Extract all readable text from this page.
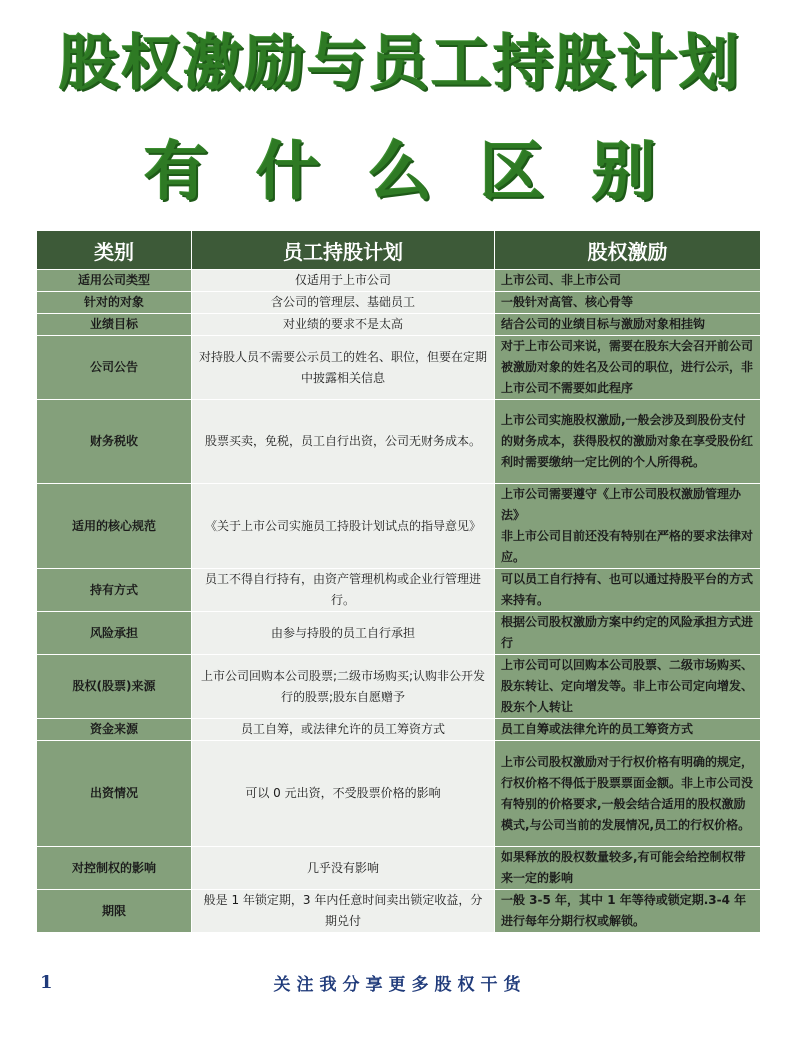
股权激励与员工持股计划
有什么区别
类别	员工持股计划	股权激励
适用公司类型	仅适用于上市公司	上市公司、非上市公司
针对的对象	含公司的管理层、基础员工	一般针对高管、核心骨等
业绩目标	对业绩的要求不是太高	结合公司的业绩目标与激励对象相挂钩
公司公告	对持股人员不需要公示员工的姓名、职位，但要在定期中披露相关信息	对于上市公司来说，需要在股东大会召开前公司被激励对象的姓名及公司的职位，进行公示，非上市公司不需要如此程序
财务税收	股票买卖，免税，员工自行出资，公司无财务成本。	上市公司实施股权激励,一般会涉及到股份支付的财务成本，获得股权的激励对象在享受股份红利时需要缴纳一定比例的个人所得税。
适用的核心规范	《关于上市公司实施员工持股计划试点的指导意见》	上市公司需要遵守《上市公司股权激励管理办法》
非上市公司目前还没有特别在严格的要求法律对应。
持有方式	员工不得自行持有，由资产管理机构或企业行管理进行。	可以员工自行持有、也可以通过持股平台的方式来持有。
风险承担	由参与持股的员工自行承担	根据公司股权激励方案中约定的风险承担方式进行
股权(股票)来源	上市公司回购本公司股票;二级市场购买;认购非公开发行的股票;股东自愿赠予	上市公司可以回购本公司股票、二级市场购买、股东转让、定向增发等。非上市公司定向增发、股东个人转让
资金来源	员工自筹，或法律允许的员工筹资方式	员工自筹或法律允许的员工筹资方式
出资情况	可以 0 元出资，不受股票价格的影响	上市公司股权激励对于行权价格有明确的规定，行权价格不得低于股票票面金额。非上市公司没有特别的价格要求,一般会结合适用的股权激励模式,与公司当前的发展情况,员工的行权价格。
对控制权的影响	几乎没有影响	如果释放的股权数量较多,有可能会给控制权带来一定的影响
期限	般是 1 年锁定期，3 年内任意时间卖出锁定收益，分期兑付	一般 3-5 年，其中 1 年等待或锁定期.3-4 年进行每年分期行权或解锁。
1	关注我分享更多股权干货
